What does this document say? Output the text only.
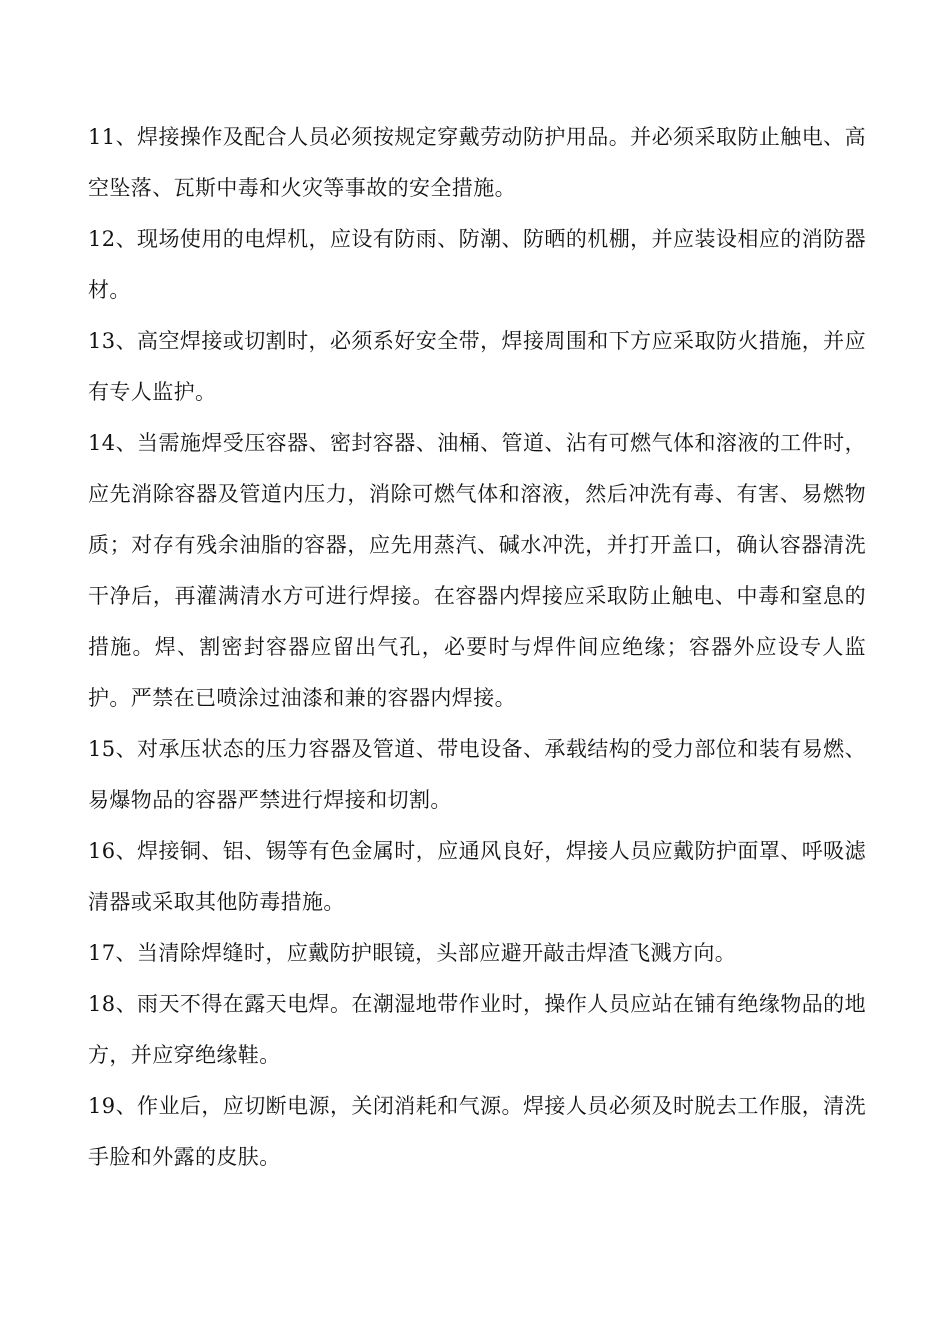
11、焊接操作及配合人员必须按规定穿戴劳动防护用品。并必须采取防止触电、高空坠落、瓦斯中毒和火灾等事故的安全措施。

12、现场使用的电焊机，应设有防雨、防潮、防晒的机棚，并应装设相应的消防器材。

13、高空焊接或切割时，必须系好安全带，焊接周围和下方应采取防火措施，并应有专人监护。

14、当需施焊受压容器、密封容器、油桶、管道、沾有可燃气体和溶液的工件时，应先消除容器及管道内压力，消除可燃气体和溶液，然后冲洗有毒、有害、易燃物质；对存有残余油脂的容器，应先用蒸汽、碱水冲洗，并打开盖口，确认容器清洗干净后，再灌满清水方可进行焊接。在容器内焊接应采取防止触电、中毒和窒息的措施。焊、割密封容器应留出气孔，必要时与焊件间应绝缘；容器外应设专人监护。严禁在已喷涂过油漆和兼的容器内焊接。

15、对承压状态的压力容器及管道、带电设备、承载结构的受力部位和装有易燃、易爆物品的容器严禁进行焊接和切割。

16、焊接铜、铝、锡等有色金属时，应通风良好，焊接人员应戴防护面罩、呼吸滤清器或采取其他防毒措施。

17、当清除焊缝时，应戴防护眼镜，头部应避开敲击焊渣飞溅方向。

18、雨天不得在露天电焊。在潮湿地带作业时，操作人员应站在铺有绝缘物品的地方，并应穿绝缘鞋。

19、作业后，应切断电源，关闭消耗和气源。焊接人员必须及时脱去工作服，清洗手脸和外露的皮肤。
